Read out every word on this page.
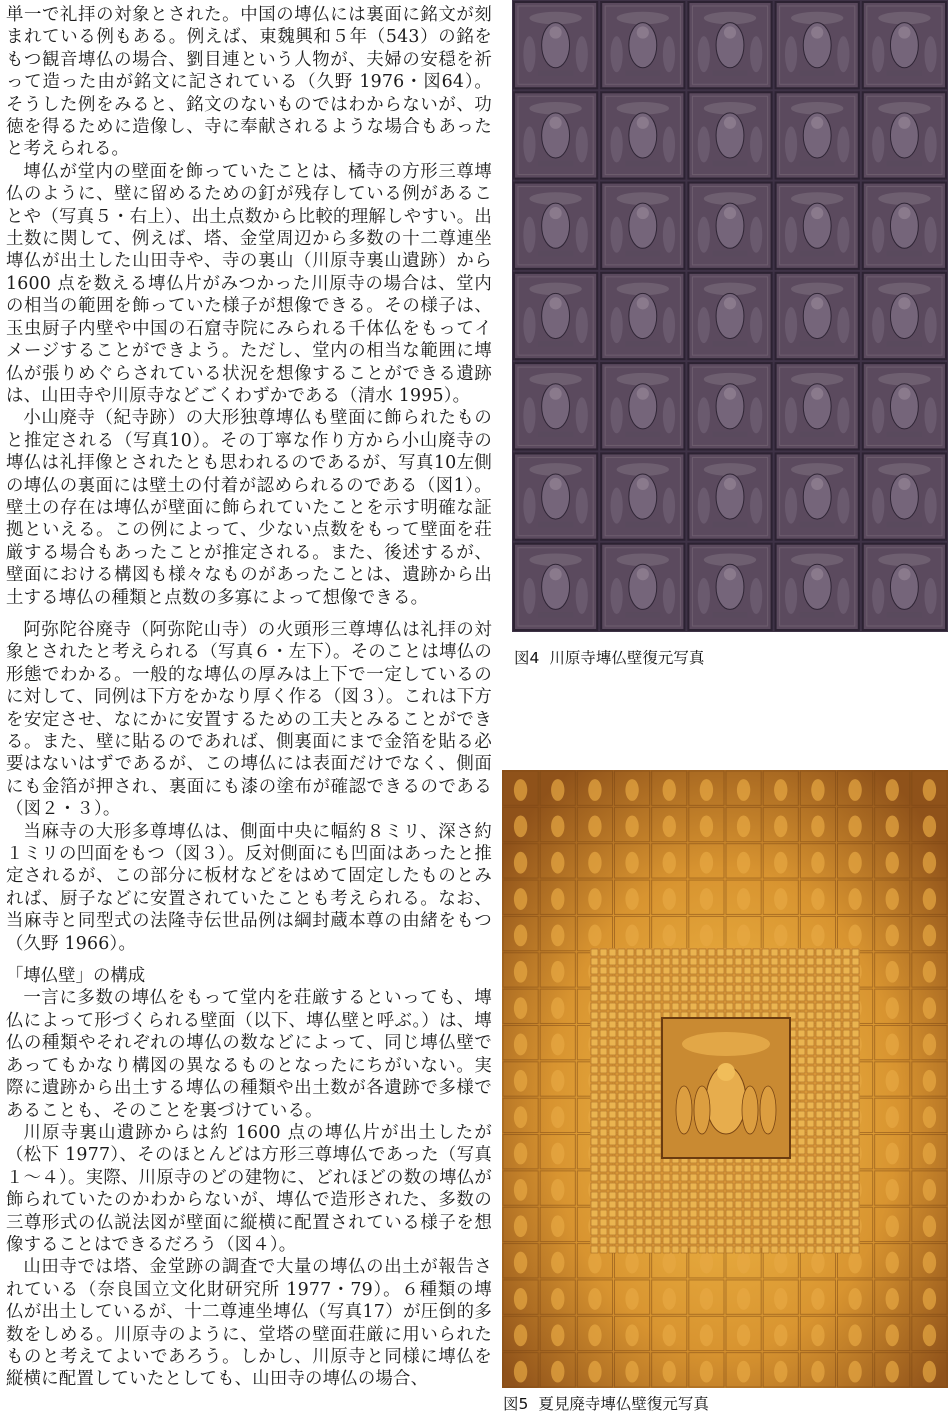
単一で礼拝の対象とされた。中国の塼仏には裏面に銘文が刻まれている例もある。例えば、東魏興和５年（543）の銘をもつ観音塼仏の場合、劉目連という人物が、夫婦の安穏を祈って造った由が銘文に記されている（久野 1976・図64）。そうした例をみると、銘文のないものではわからないが、功徳を得るために造像し、寺に奉献されるような場合もあったと考えられる。

塼仏が堂内の壁面を飾っていたことは、橘寺の方形三尊塼仏のように、壁に留めるための釘が残存している例があることや（写真５・右上）、出土点数から比較的理解しやすい。出土数に関して、例えば、塔、金堂周辺から多数の十二尊連坐塼仏が出土した山田寺や、寺の裏山（川原寺裏山遺跡）から 1600 点を数える塼仏片がみつかった川原寺の場合は、堂内の相当の範囲を飾っていた様子が想像できる。その様子は、玉虫厨子内壁や中国の石窟寺院にみられる千体仏をもってイメージすることができよう。ただし、堂内の相当な範囲に塼仏が張りめぐらされている状況を想像することができる遺跡は、山田寺や川原寺などごくわずかである（清水 1995）。

小山廃寺（紀寺跡）の大形独尊塼仏も壁面に飾られたものと推定される（写真10）。その丁寧な作り方から小山廃寺の塼仏は礼拝像とされたとも思われるのであるが、写真10左側の塼仏の裏面には壁土の付着が認められるのである（図1）。壁土の存在は塼仏が壁面に飾られていたことを示す明確な証拠といえる。この例によって、少ない点数をもって壁面を荘厳する場合もあったことが推定される。また、後述するが、壁面における構図も様々なものがあったことは、遺跡から出土する塼仏の種類と点数の多寡によって想像できる。

阿弥陀谷廃寺（阿弥陀山寺）の火頭形三尊塼仏は礼拝の対象とされたと考えられる（写真６・左下）。そのことは塼仏の形態でわかる。一般的な塼仏の厚みは上下で一定しているのに対して、同例は下方をかなり厚く作る（図３）。これは下方を安定させ、なにかに安置するための工夫とみることができる。また、壁に貼るのであれば、側裏面にまで金箔を貼る必要はないはずであるが、この塼仏には表面だけでなく、側面にも金箔が押され、裏面にも漆の塗布が確認できるのである（図２・３）。

当麻寺の大形多尊塼仏は、側面中央に幅約８ミリ、深さ約１ミリの凹面をもつ（図３）。反対側面にも凹面はあったと推定されるが、この部分に板材などをはめて固定したものとみれば、厨子などに安置されていたことも考えられる。なお、当麻寺と同型式の法隆寺伝世品例は綱封蔵本尊の由緒をもつ（久野 1966）。

「塼仏壁」の構成

一言に多数の塼仏をもって堂内を荘厳するといっても、塼仏によって形づくられる壁面（以下、塼仏壁と呼ぶ。）は、塼仏の種類やそれぞれの塼仏の数などによって、同じ塼仏壁であってもかなり構図の異なるものとなったにちがいない。実際に遺跡から出土する塼仏の種類や出土数が各遺跡で多様であることも、そのことを裏づけている。

川原寺裏山遺跡からは約 1600 点の塼仏片が出土したが（松下 1977）、そのほとんどは方形三尊塼仏であった（写真１〜４）。実際、川原寺のどの建物に、どれほどの数の塼仏が飾られていたのかわからないが、塼仏で造形された、多数の三尊形式の仏説法図が壁面に縦横に配置されている様子を想像することはできるだろう（図４）。

山田寺では塔、金堂跡の調査で大量の塼仏の出土が報告されている（奈良国立文化財研究所 1977・79）。６種類の塼仏が出土しているが、十二尊連坐塼仏（写真17）が圧倒的多数をしめる。川原寺のように、堂塔の壁面荘厳に用いられたものと考えてよいであろう。しかし、川原寺と同様に塼仏を縦横に配置していたとしても、山田寺の塼仏の場合、

図4 川原寺塼仏壁復元写真
図5 夏見廃寺塼仏壁復元写真
